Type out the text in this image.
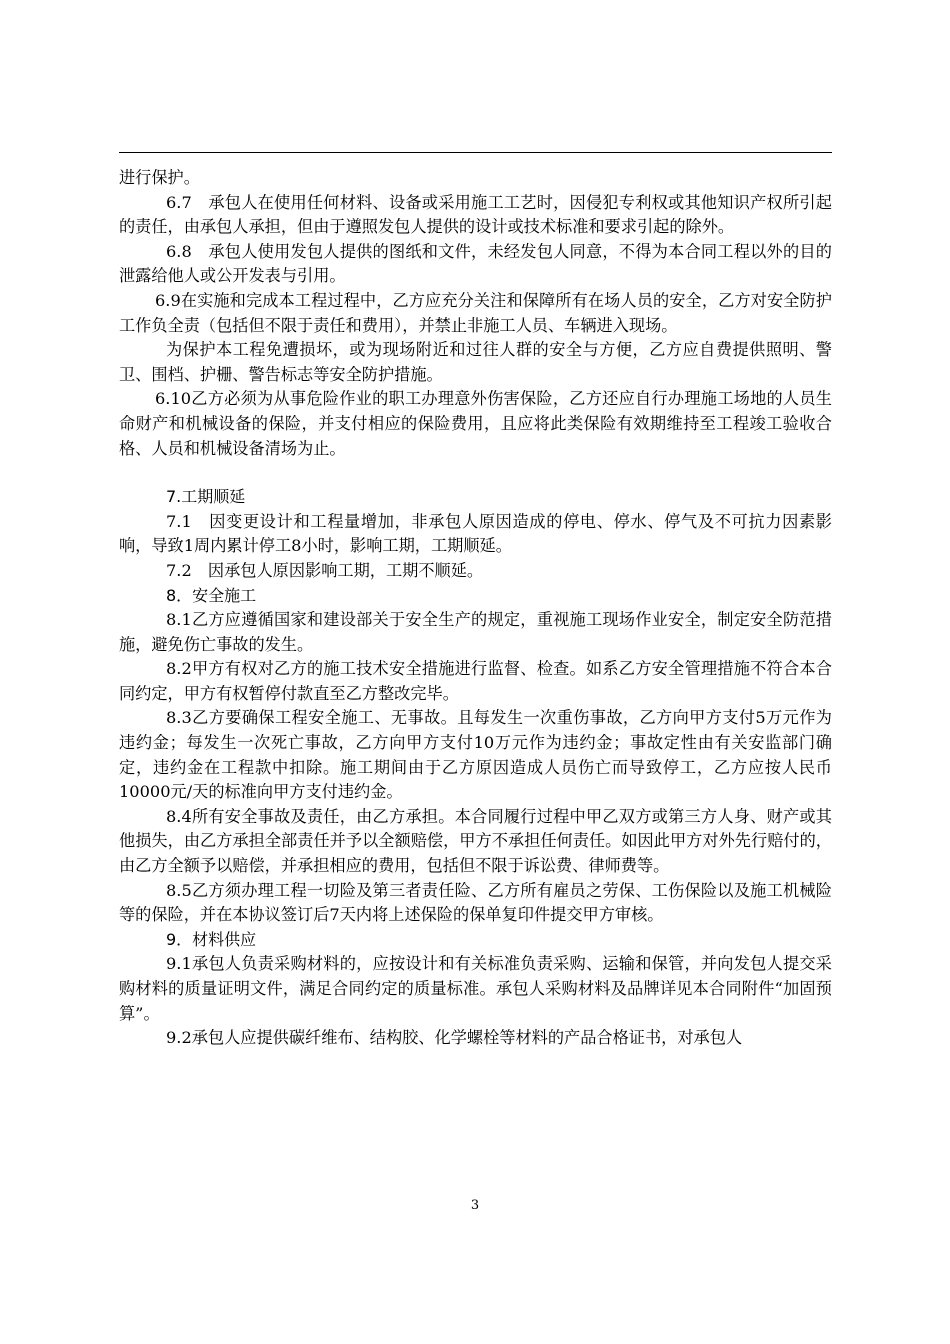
进行保护。

6.7　承包人在使用任何材料、设备或采用施工工艺时，因侵犯专利权或其他知识产权所引起的责任，由承包人承担，但由于遵照发包人提供的设计或技术标准和要求引起的除外。

6.8　承包人使用发包人提供的图纸和文件，未经发包人同意，不得为本合同工程以外的目的泄露给他人或公开发表与引用。

6.9在实施和完成本工程过程中，乙方应充分关注和保障所有在场人员的安全，乙方对安全防护工作负全责（包括但不限于责任和费用），并禁止非施工人员、车辆进入现场。

为保护本工程免遭损坏，或为现场附近和过往人群的安全与方便，乙方应自费提供照明、警卫、围档、护栅、警告标志等安全防护措施。

6.10乙方必须为从事危险作业的职工办理意外伤害保险，乙方还应自行办理施工场地的人员生命财产和机械设备的保险，并支付相应的保险费用，且应将此类保险有效期维持至工程竣工验收合格、人员和机械设备清场为止。

7.工期顺延

7.1　因变更设计和工程量增加，非承包人原因造成的停电、停水、停气及不可抗力因素影响，导致1周内累计停工8小时，影响工期，工期顺延。

7.2　因承包人原因影响工期，工期不顺延。

8．安全施工

8.1乙方应遵循国家和建设部关于安全生产的规定，重视施工现场作业安全，制定安全防范措施，避免伤亡事故的发生。

8.2甲方有权对乙方的施工技术安全措施进行监督、检查。如系乙方安全管理措施不符合本合同约定，甲方有权暂停付款直至乙方整改完毕。

8.3乙方要确保工程安全施工、无事故。且每发生一次重伤事故，乙方向甲方支付5万元作为违约金；每发生一次死亡事故，乙方向甲方支付10万元作为违约金；事故定性由有关安监部门确定，违约金在工程款中扣除。施工期间由于乙方原因造成人员伤亡而导致停工，乙方应按人民币10000元/天的标准向甲方支付违约金。

8.4所有安全事故及责任，由乙方承担。本合同履行过程中甲乙双方或第三方人身、财产或其他损失，由乙方承担全部责任并予以全额赔偿，甲方不承担任何责任。如因此甲方对外先行赔付的，由乙方全额予以赔偿，并承担相应的费用，包括但不限于诉讼费、律师费等。

8.5乙方须办理工程一切险及第三者责任险、乙方所有雇员之劳保、工伤保险以及施工机械险等的保险，并在本协议签订后7天内将上述保险的保单复印件提交甲方审核。

9．材料供应

9.1承包人负责采购材料的，应按设计和有关标准负责采购、运输和保管，并向发包人提交采购材料的质量证明文件，满足合同约定的质量标准。承包人采购材料及品牌详见本合同附件“加固预算”。

9.2承包人应提供碳纤维布、结构胶、化学螺栓等材料的产品合格证书，对承包人

3
